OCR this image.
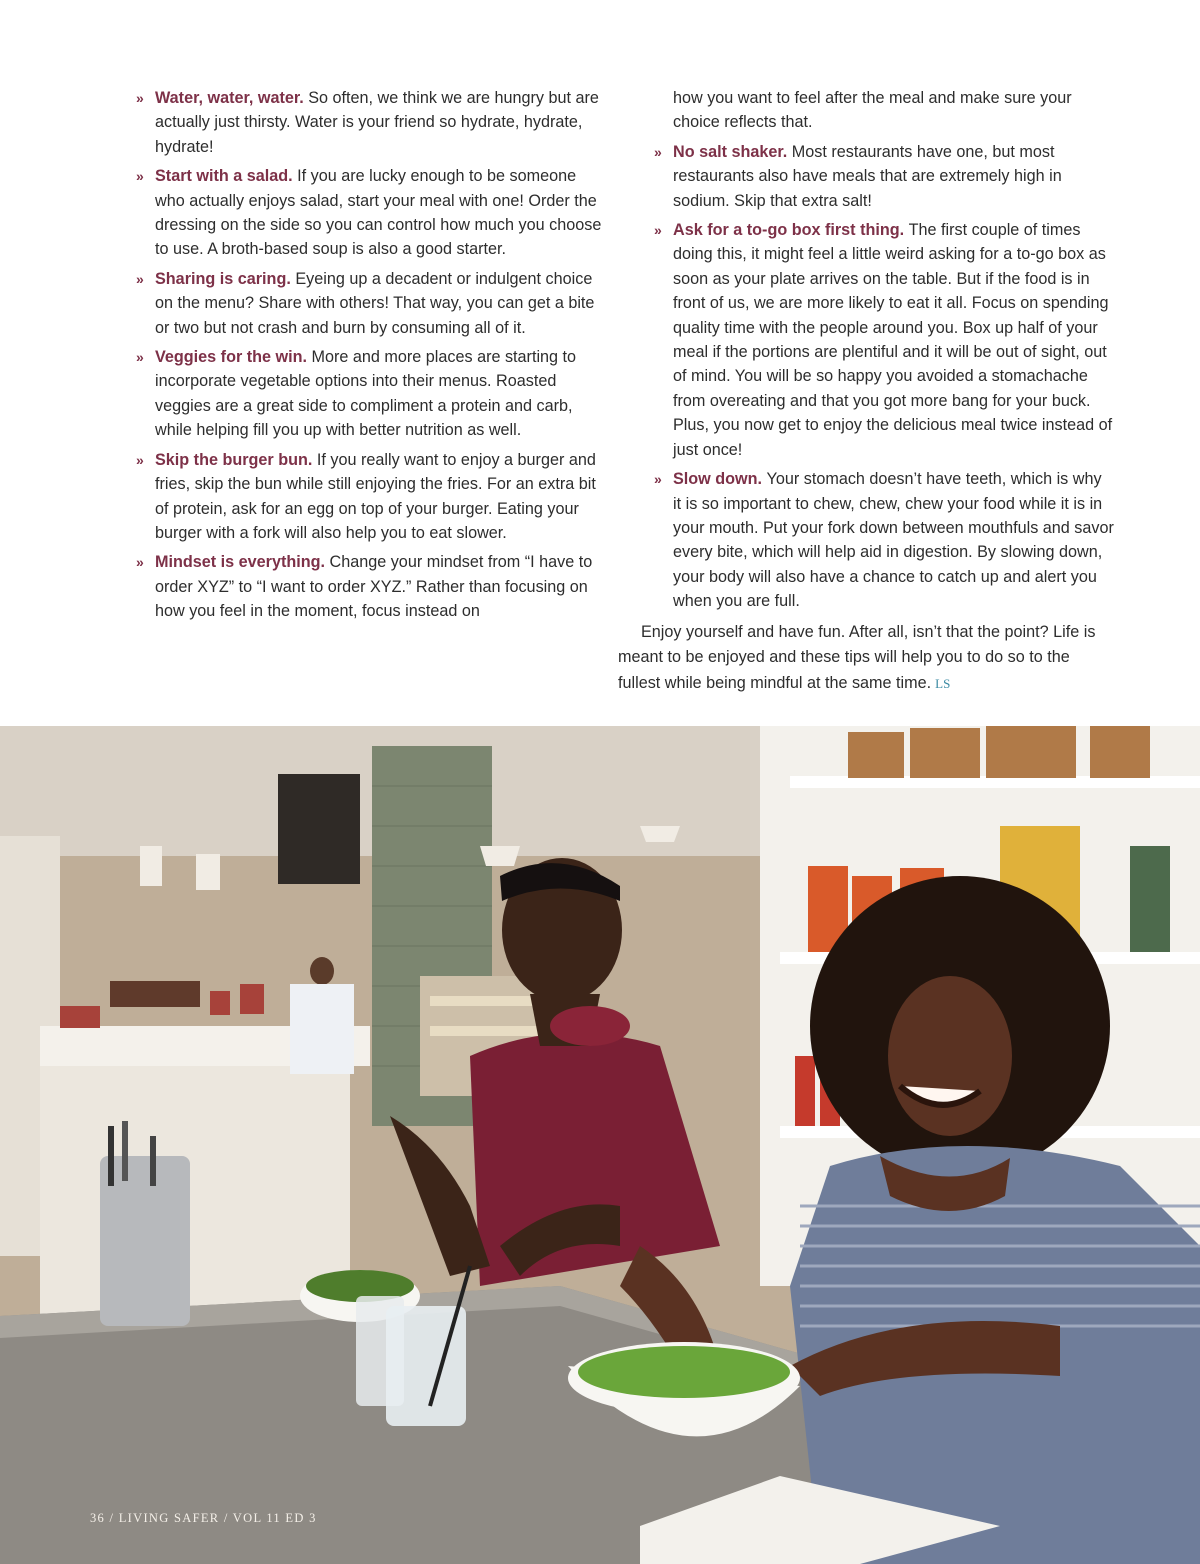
» Water, water, water. So often, we think we are hungry but are actually just thirsty. Water is your friend so hydrate, hydrate, hydrate!
» Start with a salad. If you are lucky enough to be someone who actually enjoys salad, start your meal with one! Order the dressing on the side so you can control how much you choose to use. A broth-based soup is also a good starter.
» Sharing is caring. Eyeing up a decadent or indulgent choice on the menu? Share with others! That way, you can get a bite or two but not crash and burn by consuming all of it.
» Veggies for the win. More and more places are starting to incorporate vegetable options into their menus. Roasted veggies are a great side to compliment a protein and carb, while helping fill you up with better nutrition as well.
» Skip the burger bun. If you really want to enjoy a burger and fries, skip the bun while still enjoying the fries. For an extra bit of protein, ask for an egg on top of your burger. Eating your burger with a fork will also help you to eat slower.
» Mindset is everything. Change your mindset from “I have to order XYZ” to “I want to order XYZ.” Rather than focusing on how you feel in the moment, focus instead on

how you want to feel after the meal and make sure your choice reflects that.

» No salt shaker. Most restaurants have one, but most restaurants also have meals that are extremely high in sodium. Skip that extra salt!
» Ask for a to-go box first thing. The first couple of times doing this, it might feel a little weird asking for a to-go box as soon as your plate arrives on the table. But if the food is in front of us, we are more likely to eat it all. Focus on spending quality time with the people around you. Box up half of your meal if the portions are plentiful and it will be out of sight, out of mind. You will be so happy you avoided a stomachache from overeating and that you got more bang for your buck. Plus, you now get to enjoy the delicious meal twice instead of just once!
» Slow down. Your stomach doesn’t have teeth, which is why it is so important to chew, chew, chew your food while it is in your mouth. Put your fork down between mouthfuls and savor every bite, which will help aid in digestion. By slowing down, your body will also have a chance to catch up and alert you when you are full.

Enjoy yourself and have fun. After all, isn’t that the point? Life is meant to be enjoyed and these tips will help you to do so to the fullest while being mindful at the same time. LS

36 / LIVING SAFER / VOL 11 ED 3
